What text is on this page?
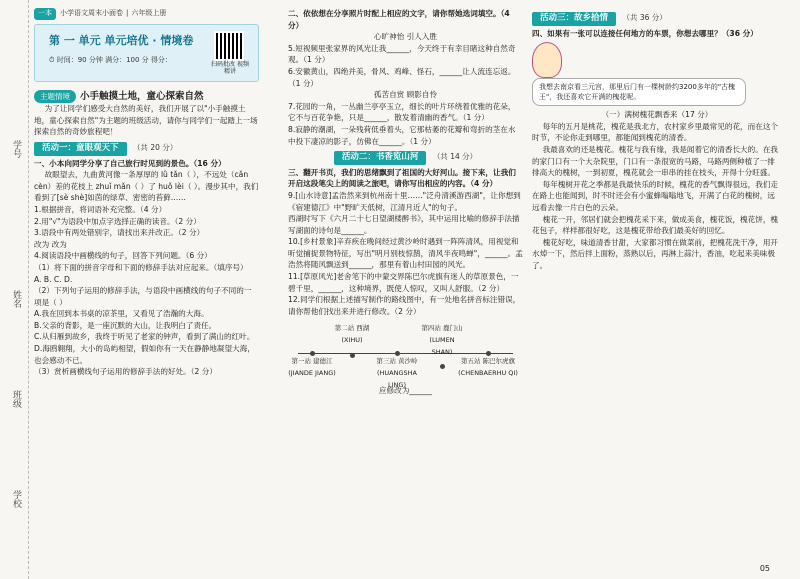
学号
姓名
班级
学校
一本	小学语文周末小面卷 | 六年级上册
第 一 单元 单元培优 · 情境卷
⏱ 时间：90 分钟 满分：100 分 得分：
扫码批改 视频精讲
主题情境	小手触摸土地，童心探索自然

为了让同学们感受大自然的美好，我们开展了以"小手触摸土地，童心探索自然"为主题的班级活动，请你与同学们一起踏上一场探索自然的奇妙旅程吧！

活动一：童眼观天下 （共 20 分）

一、小本向同学分享了自己旅行时见到的景色。（16 分）

故眼望去，九曲黄河像一条厚厚的 lǜ tǎn（ ），不远处（cǎn cèn）差的花枝上 zhuǐ mǎn（ ）了 huǒ lèi（ ）。漫步其中，我们看到了[sè shè]如茵的绿草、密密的苔藓……

1.根据拼音，将词语补充完整。（4 分）

2.用"√"为语段中加点字选择正确的读音。（2 分）

3.语段中有两处错别字，请找出来并改正。（2 分）

改为 改为

4.阅读语段中画横线的句子，回答下列问题。（6 分）

（1）将下面的拼音字母和下面的修辞手法对应起来。（填序号）

A. B. C. D.

（2）下列句子运用的修辞手法，与语段中画横线的句子不同的一项是（ ）

A.我在回到本书桌的凉茶里，又看见了浩瀚的大海。

B.父亲的背影，是一座沉默的大山，让我明白了责任。

C.从归雁到故乡，我终于听见了老家的钟声，看到了满山的红叶。

D.海鸥翱翔，大小的岛屿相望，假如你有一天在静静地凝望大海，也会感动不已。

（3）赏析画横线句子运用的修辞手法的好处。（2 分）

二、依依想在分享照片时配上相应的文字，请你帮她选词填空。（4 分）

心旷神怡 引人入胜

5.短视频里张家界的风光让我______，今天终于有幸目睹这种自然奇观。（1 分）

6.安徽黄山，四绝并美，骨风、鸡峰、怪石，______让人流连忘返。（1 分）

孤苦自赏 顾影自怜

7.花园的一角，一丛幽兰亭亭玉立，细长的叶片环绕着优雅的花朵，它不与百花争艳，只是______，散发着清幽的香气。（1 分）

8.寂静的潮湖，一朵残荷低垂着头，它那枯萎的花瓣和弯折的茎在水中投下凄凉的影子，仿佛在______。（1 分）

活动二：书香览山河 （共 14 分）

三、翻开书页，我们的思绪飘到了祖国的大好河山。接下来，让我们开启这段笔尖上的阅读之旅吧，请你写出相应的内容。（4 分）

9.[山水诗意]孟浩然来到杭州南十里……"泛舟清溪游西湖"，让你想到《宿建德江》中"野旷天低树，江清月近人"的句子。

西湖时写下《六月二十七日望湖楼醉书》，其中运用比喻的修辞手法描写湖面的诗句是______。

10.[乡村景象]辛弃疾在晚间经过黄沙岭时遇到一阵阵清风，用视觉和听觉捕捉景物特征，写出"明月别枝惊鹊，清风半夜鸣蝉"，______。孟浩然将随风飘送到______，那里有着山村田园的风光。

11.[草原风光]老舍笔下的中蒙交界陈巴尔虎旗有迷人的草原景色，一碧千里，______，这种境界，既使人惊叹，又叫人舒服。（2 分）

12.同学们根据上述描写制作的路线图中，有一处地名拼音标注错误，请你帮他们找出来并进行修改。（2 分）

第二站 西湖
(XIHU)
第四站 鹿门山
(LUMEN SHAN)
第一站 建德江
(JIANDE JIANG)
第三站 黄沙岭
(HUANGSHA LING)
第五站 陈巴尔虎旗
(CHENBAERHU QI)

应修改为______

活动三：故乡拾情 （共 36 分）

四、如果有一张可以连接任何地方的车票，你想去哪里？（36 分）

我想去南京看三元宫，那里后门有一棵树龄约3200多年的"古槐王"，我还喜欢它开满的槐花呢。

（一）满树槐花飘香来（17 分）

每年的五月是桃花，槐花是我北方，农村家乡里最常见的花，而在这个时节，不论你走到哪里，都能闻到槐花的清香。

我最喜欢的还是槐花。槐花与我有缘，我是闻着它的清香长大的。在我的家门口有一个大杂院里，门口有一条很宽的马路，马路两侧种植了一排排高大的槐树，一到初夏，槐花就会一串串的挂在枝头，开得十分旺盛。

每年槐树开花之季都是我最快乐的时候，槐花的香气飘得很远，我们走在路上也能闻到，时不时还会有小蜜蜂嗡嗡地飞，开满了白花的槐树，远远看去像一片白色的云朵。

槐花一开，邻居们就会把槐花采下来，做成美食，槐花饭，槐花饼，槐花包子，样样都很好吃，这是槐花带给我们最美好的回忆。

槐花好吃，味道清香甘甜，大家都习惯在做菜前，把槐花洗干净，用开水焯一下，然后拌上面粉，蒸熟以后，再淋上蒜汁，香油，吃起来美味极了。

05
